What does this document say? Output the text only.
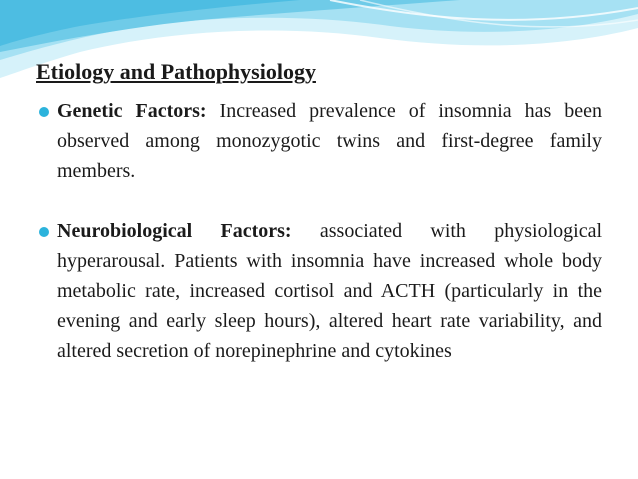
Etiology and Pathophysiology
Genetic Factors: Increased prevalence of insomnia has been observed among monozygotic twins and first-degree family members.
Neurobiological Factors: associated with physiological hyperarousal. Patients with insomnia have increased whole body metabolic rate, increased cortisol and ACTH (particularly in the evening and early sleep hours), altered heart rate variability, and altered secretion of norepinephrine and cytokines
